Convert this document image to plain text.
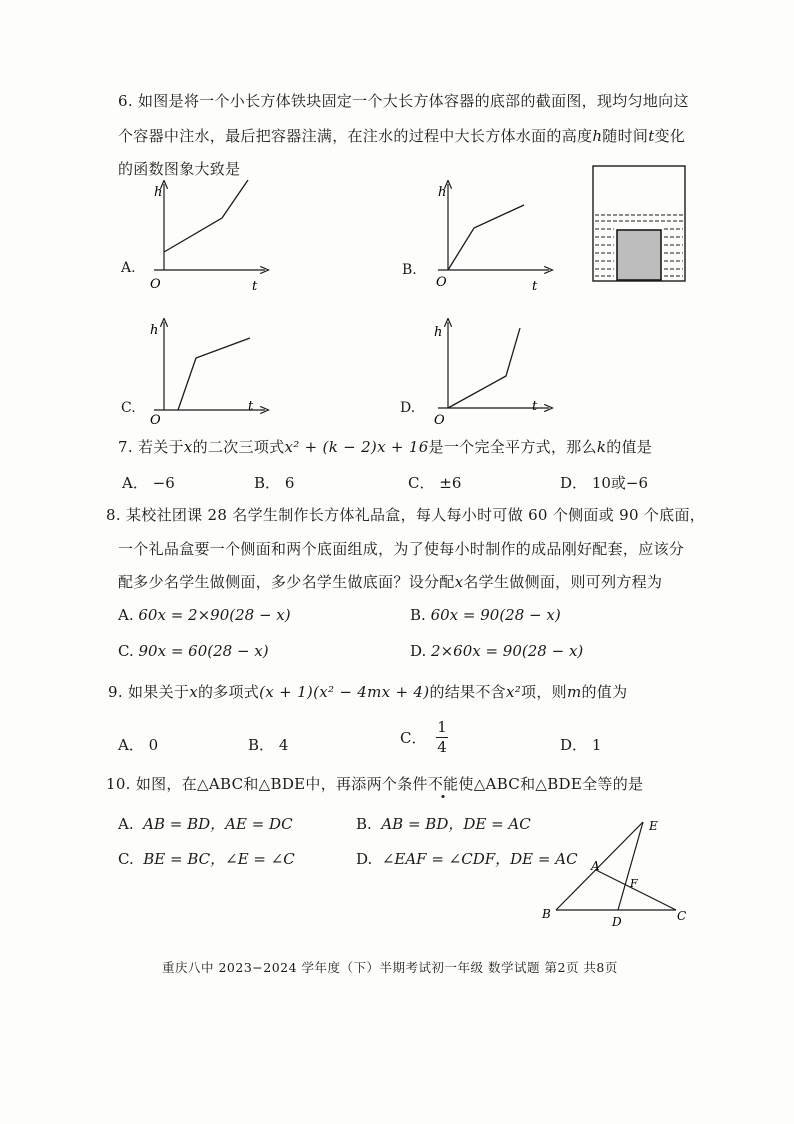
6. 如图是将一个小长方体铁块固定一个大长方体容器的底部的截面图，现均匀地向这
个容器中注水，最后把容器注满，在注水的过程中大长方体水面的高度h随时间t变化
的函数图象大致是
A.
h
t
O
B.
h
t
O
C.
h
t
O
D.
h
t
O
7. 若关于x的二次三项式x² + (k − 2)x + 16是一个完全平方式，那么k的值是
A． −6	B． 6	C． ±6	D． 10或−6
8. 某校社团课 28 名学生制作长方体礼品盒，每人每小时可做 60 个侧面或 90 个底面，
一个礼品盒要一个侧面和两个底面组成，为了使每小时制作的成品刚好配套，应该分
配多少名学生做侧面，多少名学生做底面？设分配x名学生做侧面，则可列方程为
A. 60x = 2×90(28 − x)	B. 60x = 90(28 − x)
C. 90x = 60(28 − x)	D. 2×60x = 90(28 − x)
9. 如果关于x的多项式(x + 1)(x² − 4mx + 4)的结果不含x²项，则m的值为
A． 0	B． 4	C． $\frac{1}{4}$	D． 1
10. 如图，在△ABC和△BDE中，再添两个条件不能使△ABC和△BDE全等的是
A. AB = BD，AE = DC	B. AB = BD，DE = AC
C. BE = BC，∠E = ∠C	D. ∠EAF = ∠CDF，DE = AC
E
A
F
B
D	C
重庆八中 2023−2024 学年度（下）半期考试初一年级 数学试题 第2页 共8页
